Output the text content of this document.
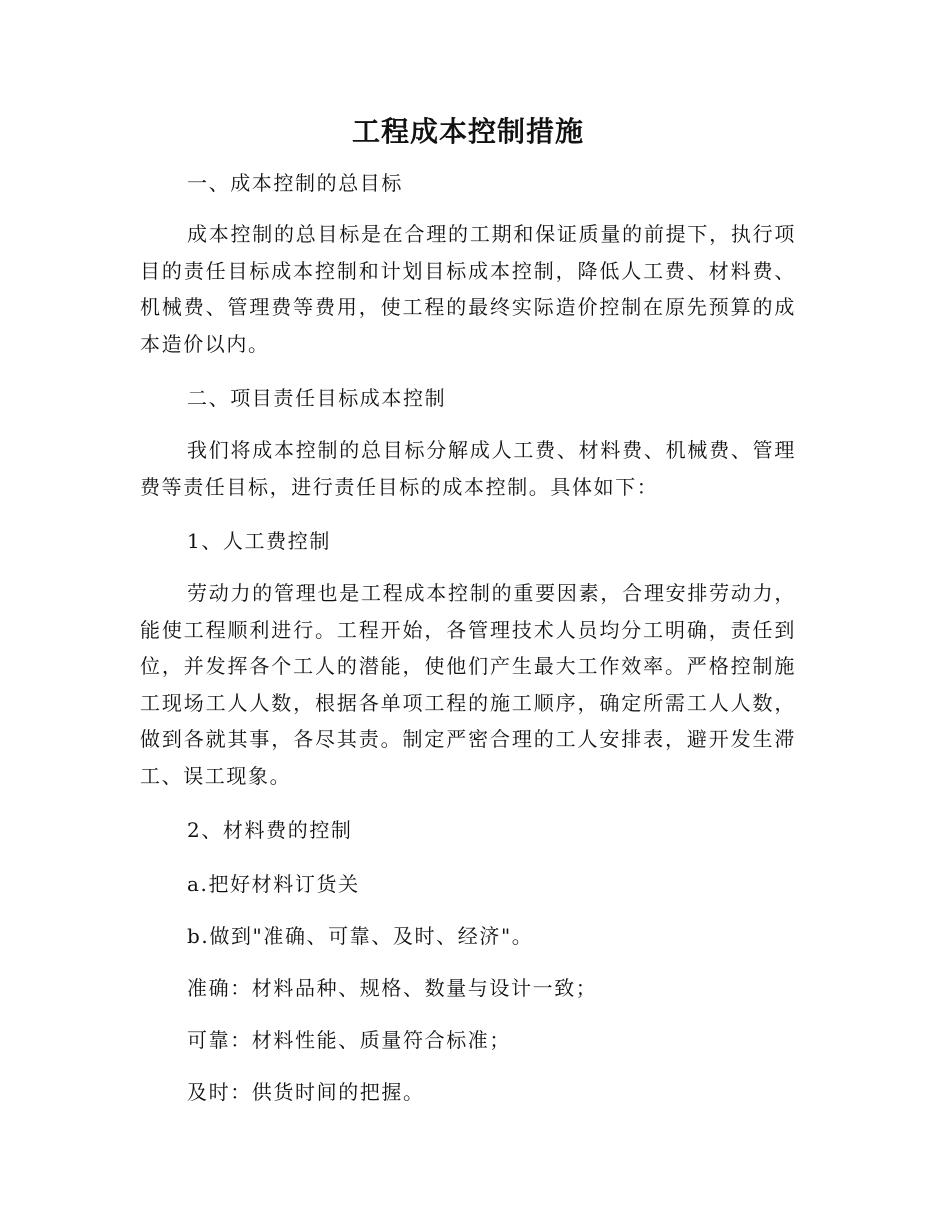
工程成本控制措施

一、成本控制的总目标

成本控制的总目标是在合理的工期和保证质量的前提下，执行项目的责任目标成本控制和计划目标成本控制，降低人工费、材料费、机械费、管理费等费用，使工程的最终实际造价控制在原先预算的成本造价以内。

二、项目责任目标成本控制

我们将成本控制的总目标分解成人工费、材料费、机械费、管理费等责任目标，进行责任目标的成本控制。具体如下：

1、人工费控制

劳动力的管理也是工程成本控制的重要因素，合理安排劳动力，能使工程顺利进行。工程开始，各管理技术人员均分工明确，责任到位，并发挥各个工人的潜能，使他们产生最大工作效率。严格控制施工现场工人人数，根据各单项工程的施工顺序，确定所需工人人数，做到各就其事，各尽其责。制定严密合理的工人安排表，避开发生滞工、误工现象。

2、材料费的控制

a.把好材料订货关

b.做到"准确、可靠、及时、经济"。

准确：材料品种、规格、数量与设计一致；

可靠：材料性能、质量符合标准；

及时：供货时间的把握。
